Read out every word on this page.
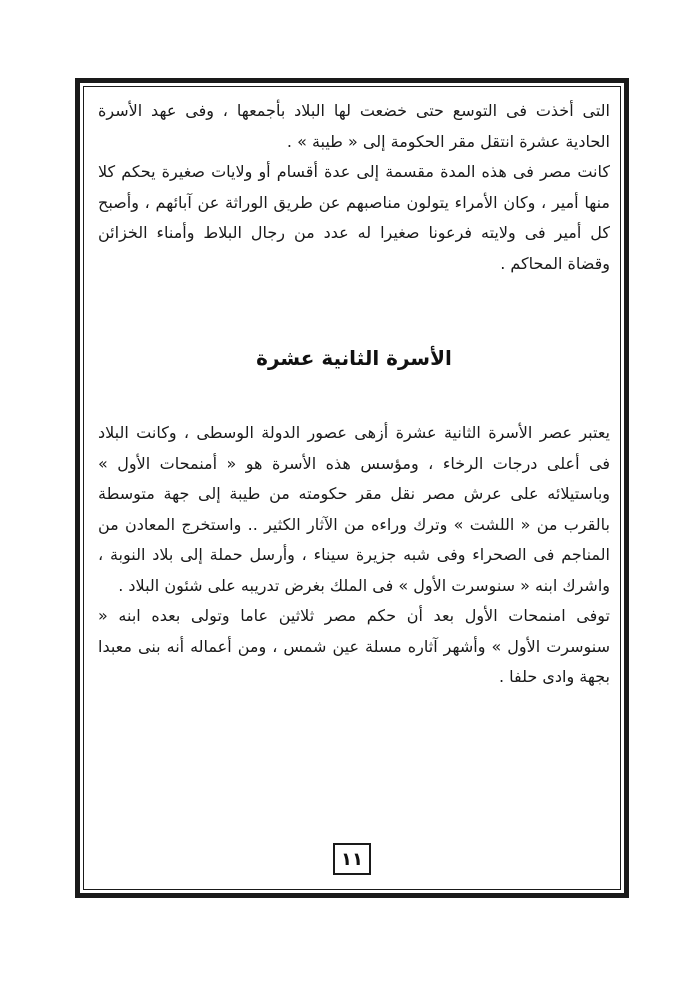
التى أخذت فى التوسع حتى خضعت لها البلاد بأجمعها ، وفى عهد الأسرة الحادية عشرة انتقل مقر الحكومة إلى « طيبة » .

كانت مصر فى هذه المدة مقسمة إلى عدة أقسام أو ولايات صغيرة يحكم كلا منها أمير ، وكان الأمراء يتولون مناصبهم عن طريق الوراثة عن آبائهم ، وأصبح كل أمير فى ولايته فرعونا صغيرا له عدد من رجال البلاط وأمناء الخزائن وقضاة المحاكم .

الأسرة الثانية عشرة

يعتبر عصر الأسرة الثانية عشرة أزهى عصور الدولة الوسطى ، وكانت البلاد فى أعلى درجات الرخاء ، ومؤسس هذه الأسرة هو « أمنمحات الأول » وباستيلائه على عرش مصر نقل مقر حكومته من طيبة إلى جهة متوسطة بالقرب من « اللشت » وترك وراءه من الآثار الكثير .. واستخرج المعادن من المناجم فى الصحراء وفى شبه جزيرة سيناء ، وأرسل حملة إلى بلاد النوبة ، واشرك ابنه « سنوسرت الأول » فى الملك بغرض تدريبه على شئون البلاد .

توفى امنمحات الأول بعد أن حكم مصر ثلاثين عاما وتولى بعده ابنه « سنوسرت الأول » وأشهر آثاره مسلة عين شمس ، ومن أعماله أنه بنى معبدا بجهة وادى حلفا .

١١
